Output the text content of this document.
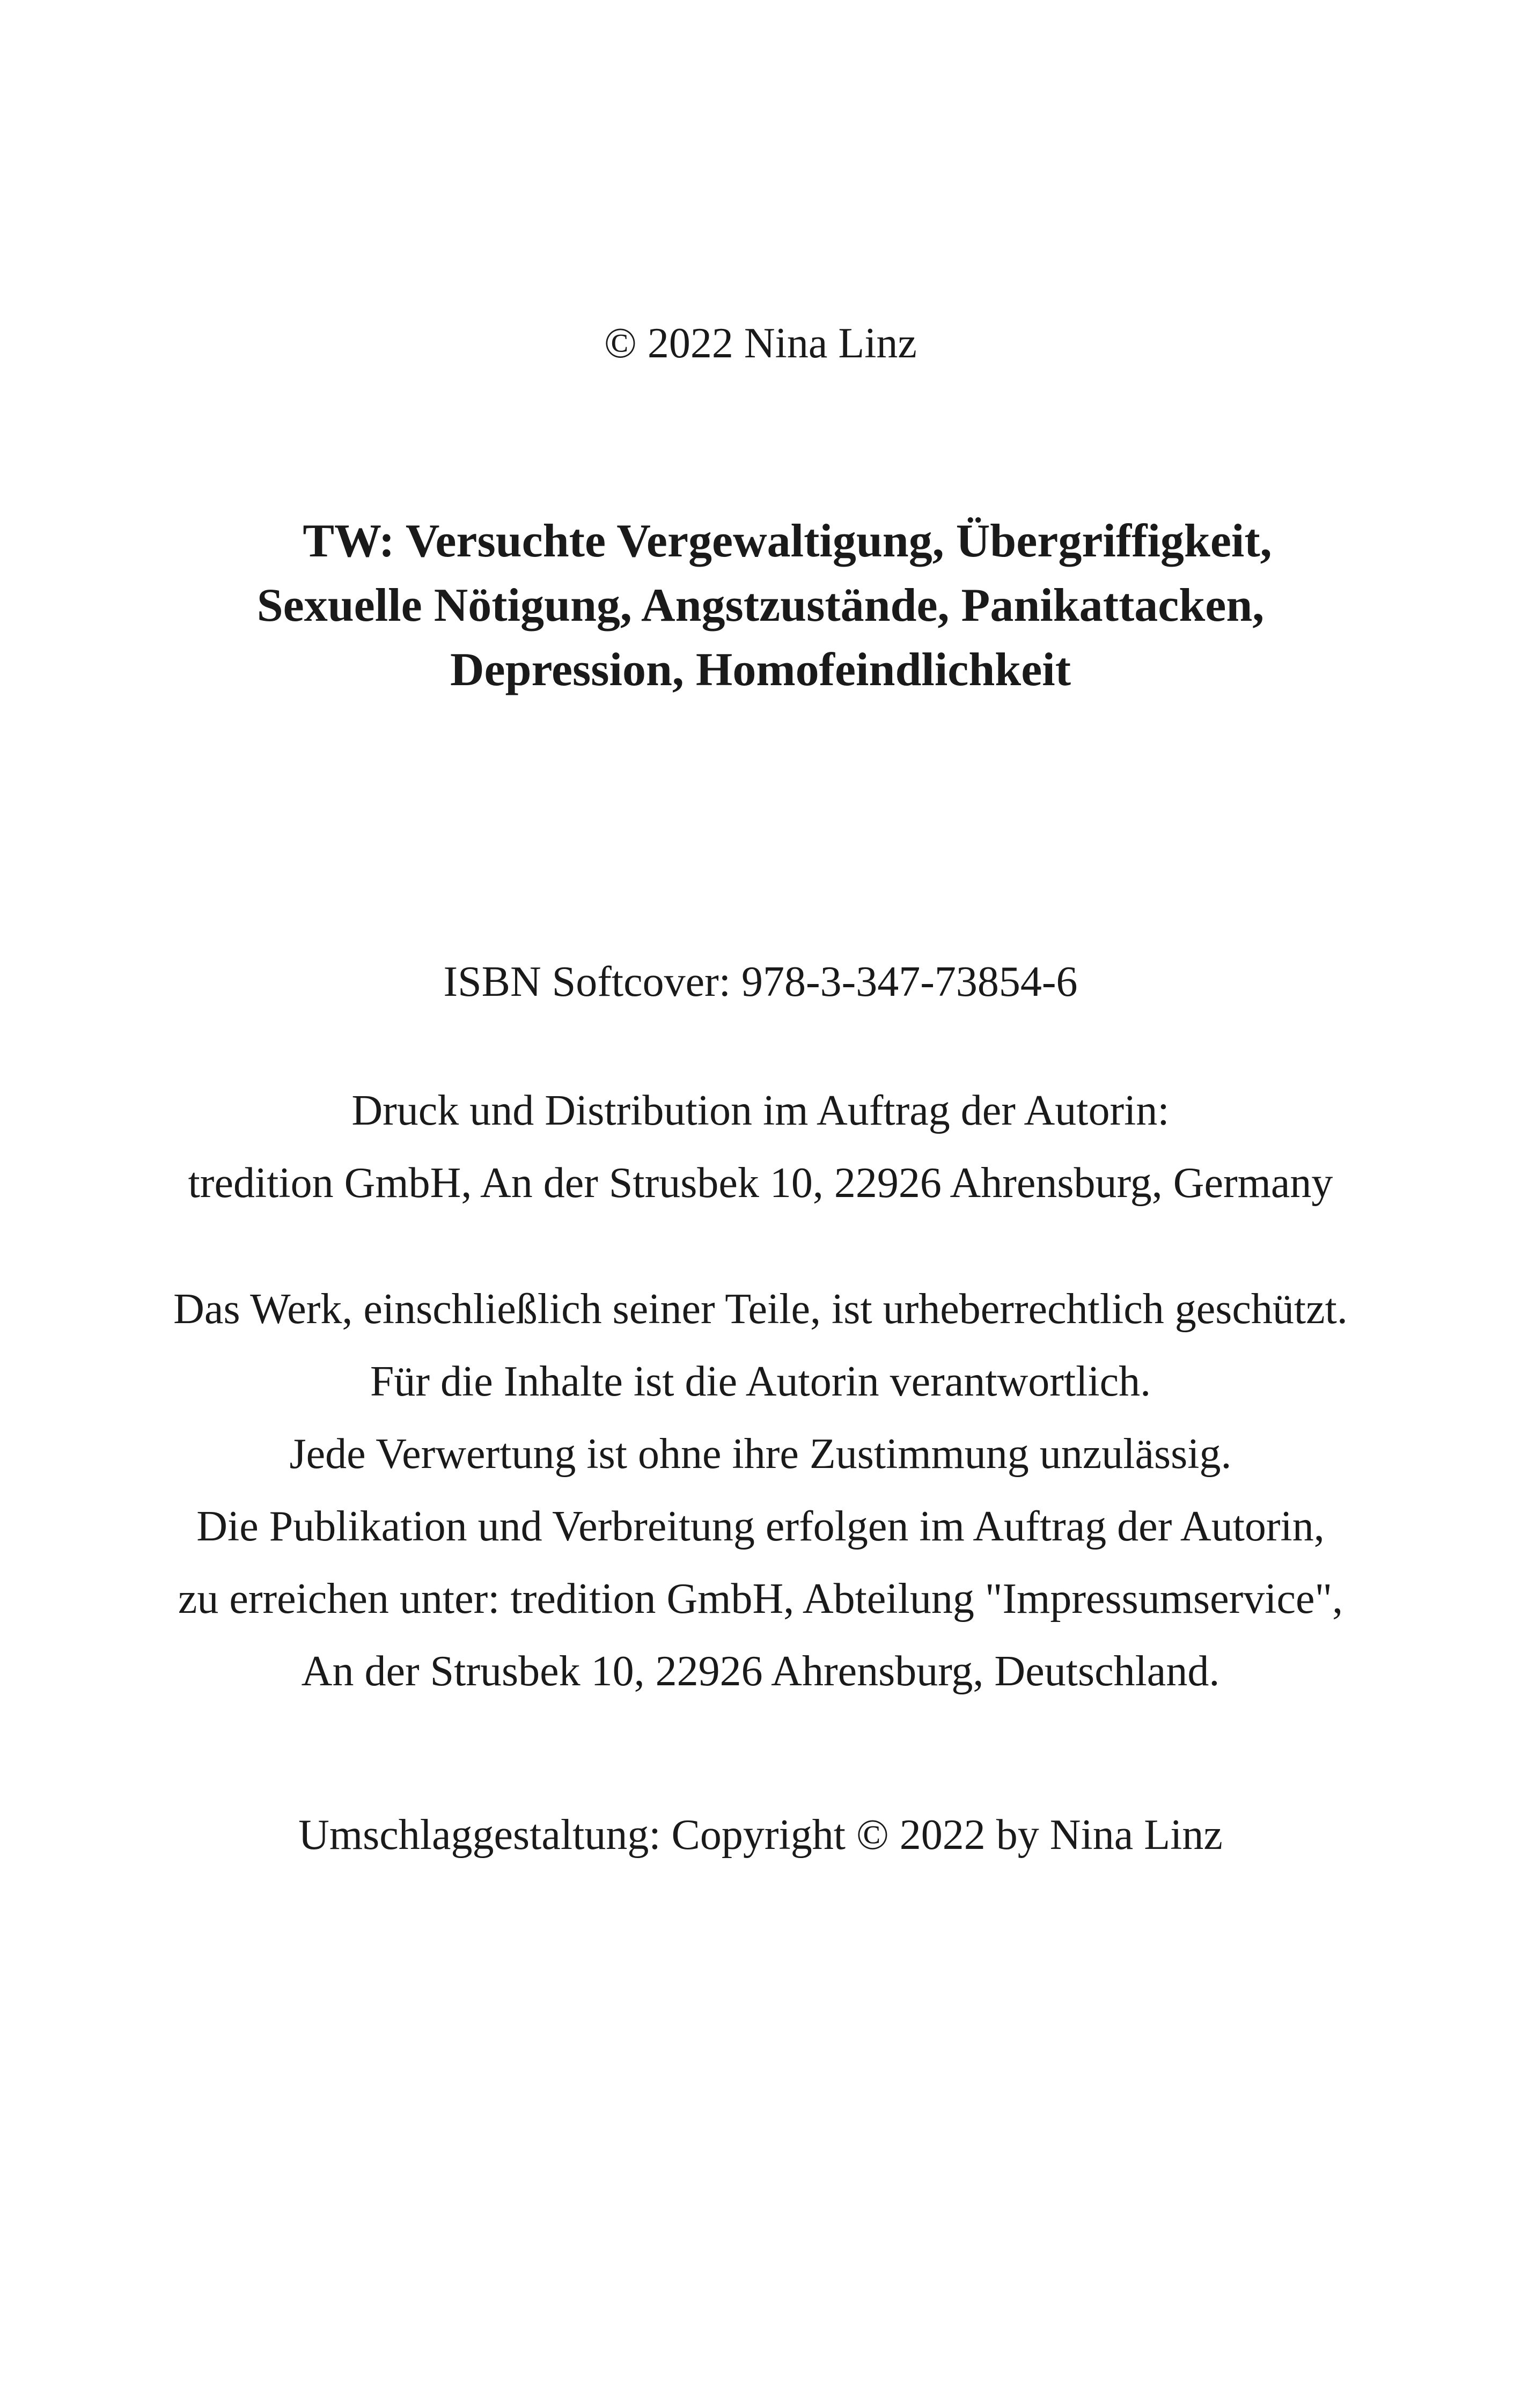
© 2022 Nina Linz
TW: Versuchte Vergewaltigung, Übergriffigkeit,
Sexuelle Nötigung, Angstzustände, Panikattacken,
Depression, Homofeindlichkeit
ISBN Softcover: 978-3-347-73854-6
Druck und Distribution im Auftrag der Autorin:
tredition GmbH, An der Strusbek 10, 22926 Ahrensburg, Germany
Das Werk, einschließlich seiner Teile, ist urheberrechtlich geschützt.
Für die Inhalte ist die Autorin verantwortlich.
Jede Verwertung ist ohne ihre Zustimmung unzulässig.
Die Publikation und Verbreitung erfolgen im Auftrag der Autorin,
zu erreichen unter: tredition GmbH, Abteilung "Impressumservice",
An der Strusbek 10, 22926 Ahrensburg, Deutschland.
Umschlaggestaltung: Copyright © 2022 by Nina Linz
